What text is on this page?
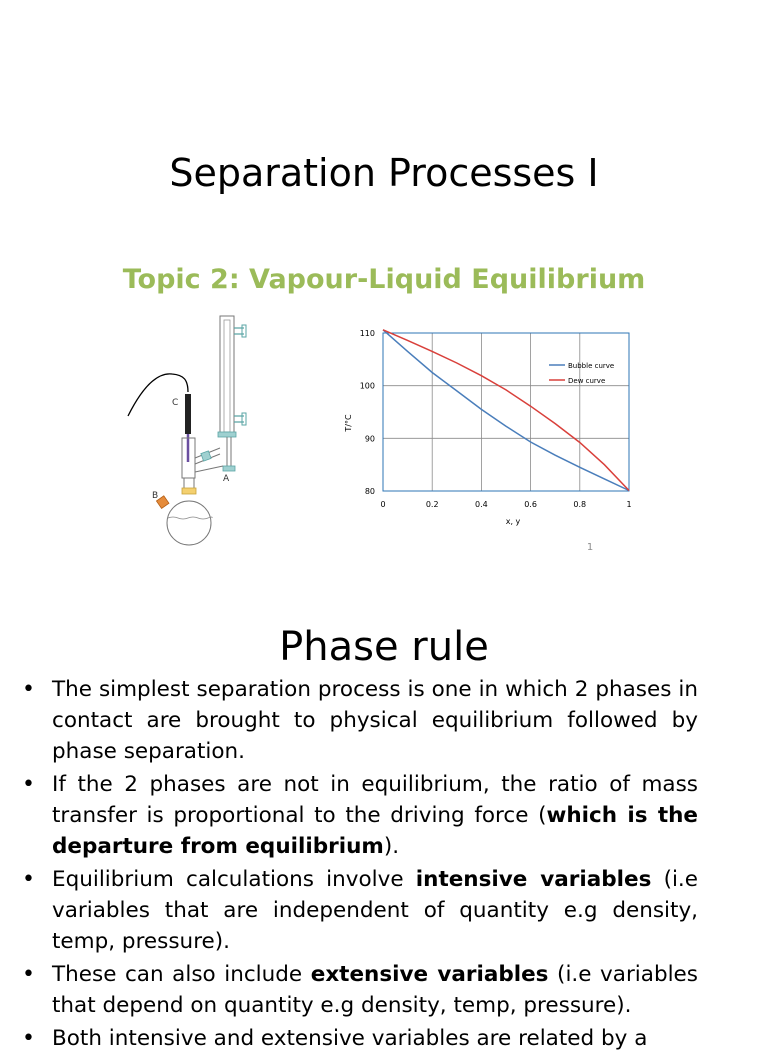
Separation Processes I
Topic 2: Vapour-Liquid Equilibrium
C
A
B
0	0.2	0.4	0.6	0.8	1
80
90
100
110
Bubble curve
Dew curve
x, y
T/°C
1
Phase rule
• The simplest separation process is one in which 2 phases in contact are brought to physical equilibrium followed by phase separation.
• If the 2 phases are not in equilibrium, the ratio of mass transfer is proportional to the driving force (which is the departure from equilibrium).
• Equilibrium calculations involve intensive variables (i.e variables that are independent of quantity e.g density, temp, pressure).
• These can also include extensive variables (i.e variables that depend on quantity e.g density, temp, pressure).
• Both intensive and extensive variables are related by a
